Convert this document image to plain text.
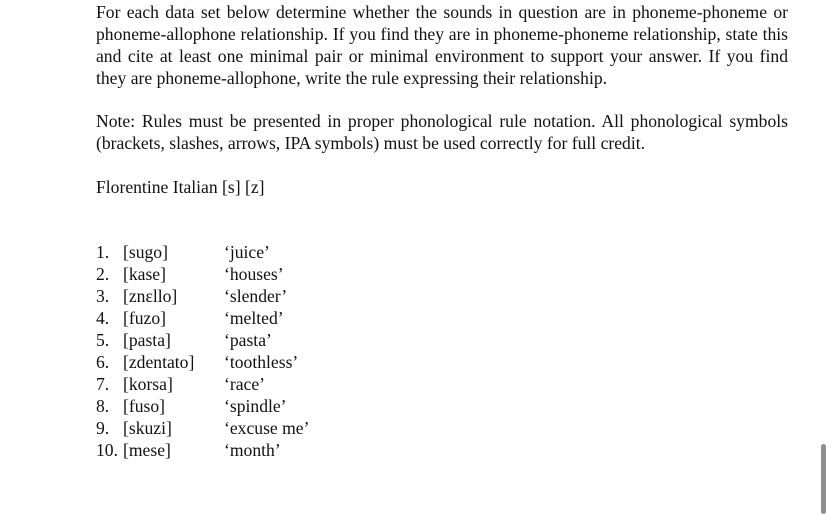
For each data set below determine whether the sounds in question are in phoneme-phoneme or phoneme-allophone relationship. If you find they are in phoneme-phoneme relationship, state this and cite at least one minimal pair or minimal environment to support your answer. If you find they are phoneme-allophone, write the rule expressing their relationship.

Note: Rules must be presented in proper phonological rule notation. All phonological symbols (brackets, slashes, arrows, IPA symbols) must be used correctly for full credit.

Florentine Italian [s] [z]

1. [sugo]	‘juice’
2. [kase]	‘houses’
3. [znɛllo]	‘slender’
4. [fuzo]	‘melted’
5. [pasta]	‘pasta’
6. [zdentato] ‘toothless’
7. [korsa]	‘race’
8. [fuso]	‘spindle’
9. [skuzi]	‘excuse me’
10. [mese]	‘month’
